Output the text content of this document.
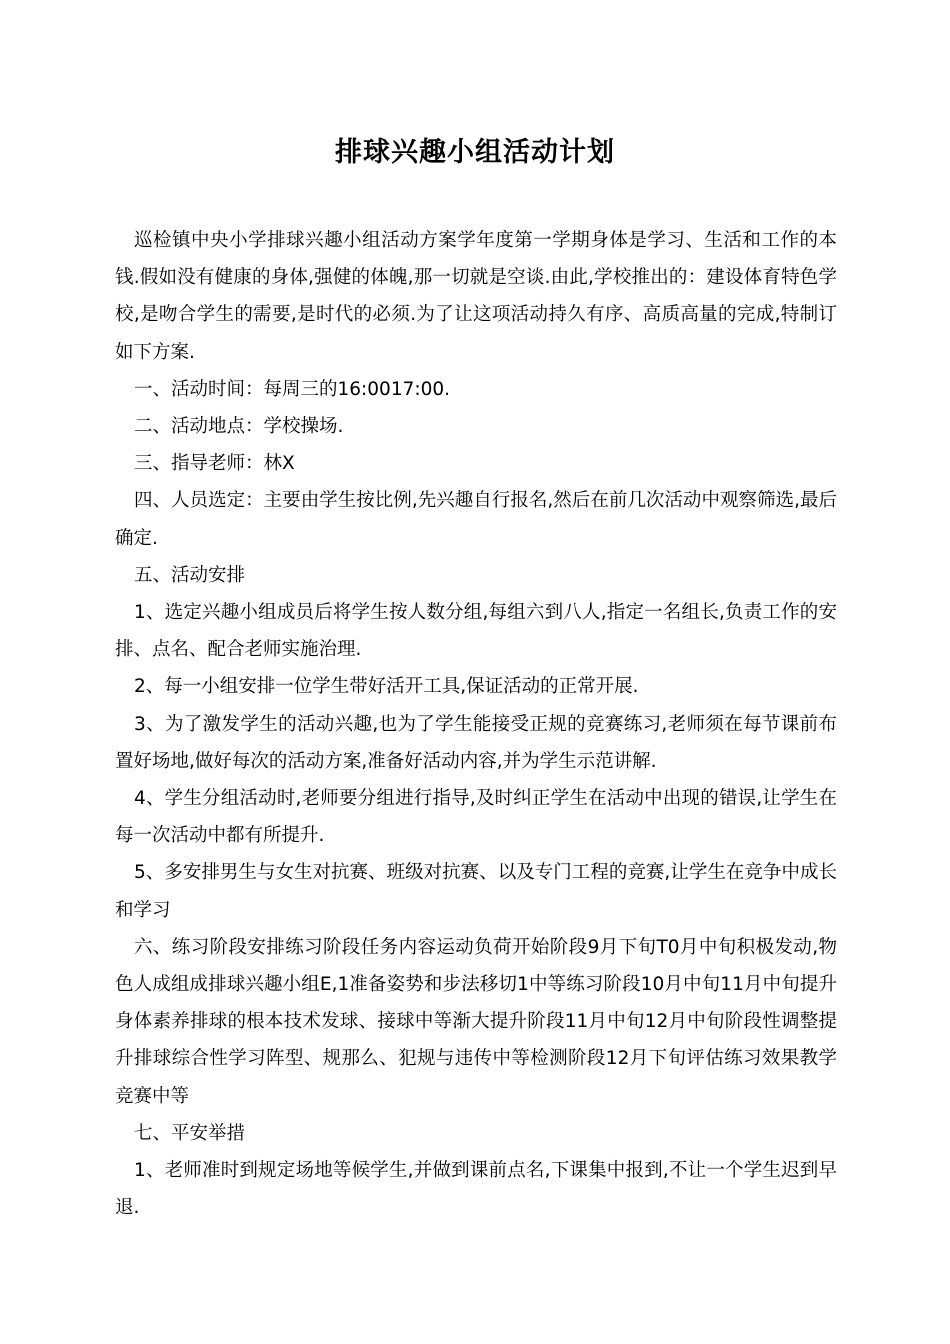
排球兴趣小组活动计划

巡检镇中央小学排球兴趣小组活动方案学年度第一学期身体是学习、生活和工作的本钱.假如没有健康的身体,强健的体魄,那一切就是空谈.由此,学校推出的：建设体育特色学校,是吻合学生的需要,是时代的必须.为了让这项活动持久有序、高质高量的完成,特制订如下方案.

一、活动时间：每周三的16:0017:00.

二、活动地点：学校操场.

三、指导老师：林X

四、人员选定：主要由学生按比例,先兴趣自行报名,然后在前几次活动中观察筛选,最后确定.

五、活动安排

1、选定兴趣小组成员后将学生按人数分组,每组六到八人,指定一名组长,负责工作的安排、点名、配合老师实施治理.

2、每一小组安排一位学生带好活开工具,保证活动的正常开展.

3、为了激发学生的活动兴趣,也为了学生能接受正规的竞赛练习,老师须在每节课前布置好场地,做好每次的活动方案,准备好活动内容,并为学生示范讲解.

4、学生分组活动时,老师要分组进行指导,及时纠正学生在活动中出现的错误,让学生在每一次活动中都有所提升.

5、多安排男生与女生对抗赛、班级对抗赛、以及专门工程的竞赛,让学生在竞争中成长和学习

六、练习阶段安排练习阶段任务内容运动负荷开始阶段9月下旬T0月中旬积极发动,物色人成组成排球兴趣小组E,1准备姿势和步法移切1中等练习阶段10月中旬11月中旬提升身体素养排球的根本技术发球、接球中等渐大提升阶段11月中旬12月中旬阶段性调整提升排球综合性学习阵型、规那么、犯规与违传中等检测阶段12月下旬评估练习效果教学竞赛中等

七、平安举措

1、老师准时到规定场地等候学生,并做到课前点名,下课集中报到,不让一个学生迟到早退.
